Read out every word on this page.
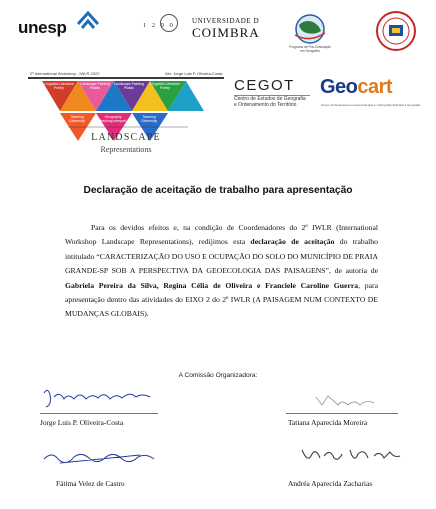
unesp	1 2 9 0
UNIVERSIDADE D
COIMBRA
Programa de Pós-Graduação em Geografia
2º International Workshop - IWLR 2022	Abr. Jorge Luis P. Oliveira-Costa
LANDSCAPE
Representations
Linguistic Literature Poetry
Landscape Painting Plastic
Linguistic Literature Poetry
Landscape Painting Plastic
Teaching Citizenship
Geography Teaching Interpret.
Teaching Citizenship
CEGOT
Centro de Estudos de Geografia
e Ordenamento do Território
Geocart
Grupo de Pesquisa em Geotecnologias e Cartografia Aplicada à Geografia
Declaração de aceitação de trabalho para apresentação
Para os devidos efeitos e, na condição de Coordenadores do 2º IWLR (International Workshop Landscape Representations), redijimos esta declaração de aceitação do trabalho intitulado “CARACTERIZAÇÃO DO USO E OCUPAÇÃO DO SOLO DO MUNICÍPIO DE PRAIA GRANDE-SP SOB A PERSPECTIVA DA GEOECOLOGIA DAS PAISAGENS”, de autoria de Gabriela Pereira da Silva, Regina Célia de Oliveira e Franciele Caroline Guerra, para apresentação dentro das atividades do EIXO 2 do 2º IWLR (A PAISAGEM NUM CONTEXTO DE MUDANÇAS GLOBAIS).
A Comissão Organizadora:
Jorge Luis P. Oliveira-Costa	Tatiana Aparecida Moreira
Fátima Velez de Castro	Andréa Aparecida Zacharias
